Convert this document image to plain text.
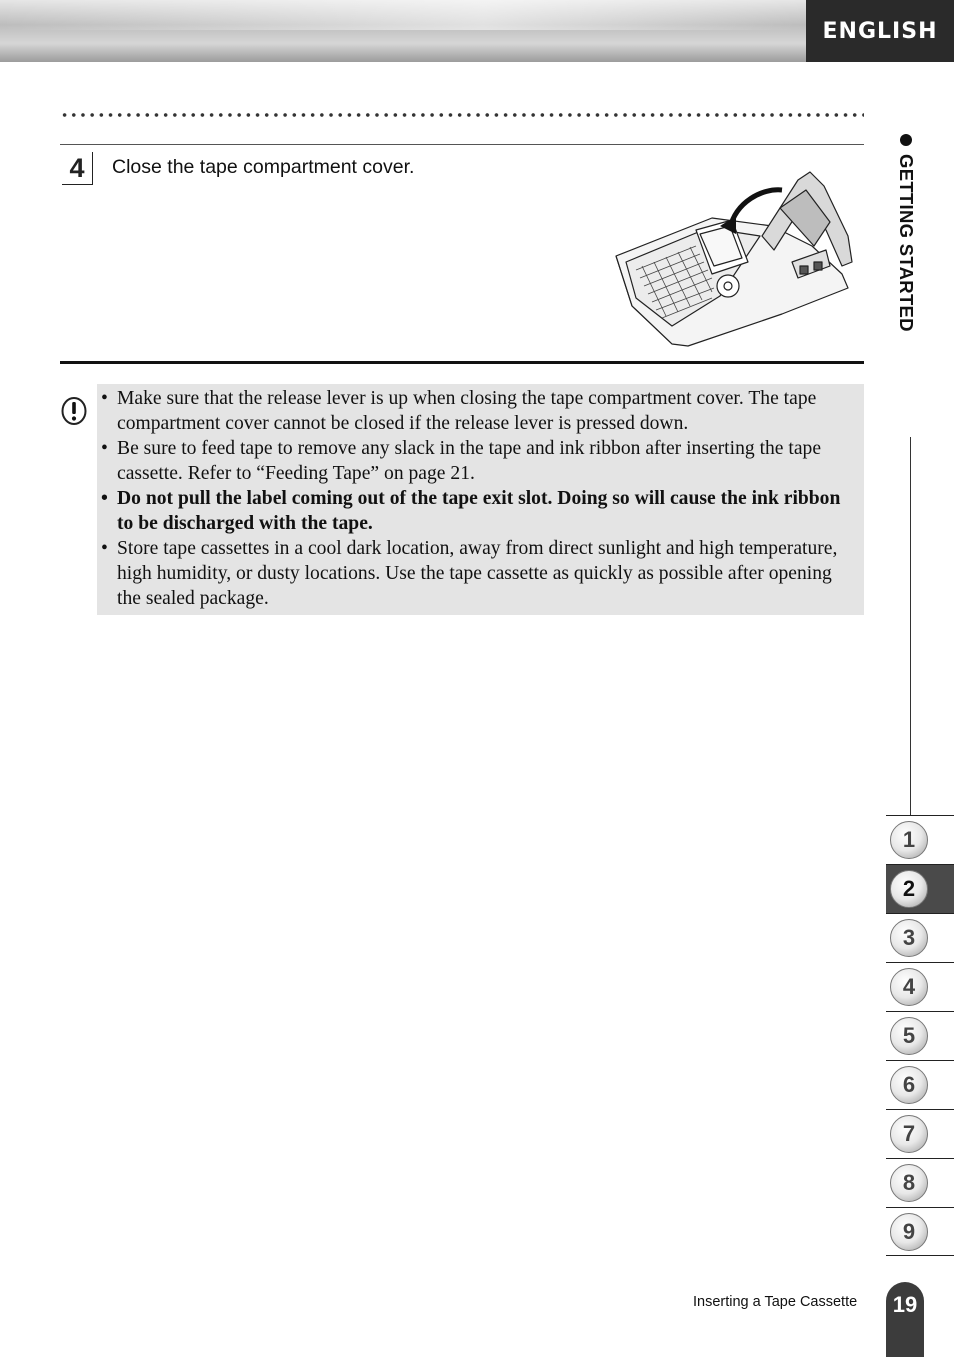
ENGLISH
4	Close the tape compartment cover.
• Make sure that the release lever is up when closing the tape compartment cover. The tape compartment cover cannot be closed if the release lever is pressed down.
• Be sure to feed tape to remove any slack in the tape and ink ribbon after inserting the tape cassette. Refer to “Feeding Tape” on page 21.
• Do not pull the label coming out of the tape exit slot. Doing so will cause the ink ribbon to be discharged with the tape.
• Store tape cassettes in a cool dark location, away from direct sunlight and high temperature, high humidity, or dusty locations. Use the tape cassette as quickly as possible after opening the sealed package.
GETTING STARTED
1
2
3
4
5
6
7
8
9
Inserting a Tape Cassette	19
